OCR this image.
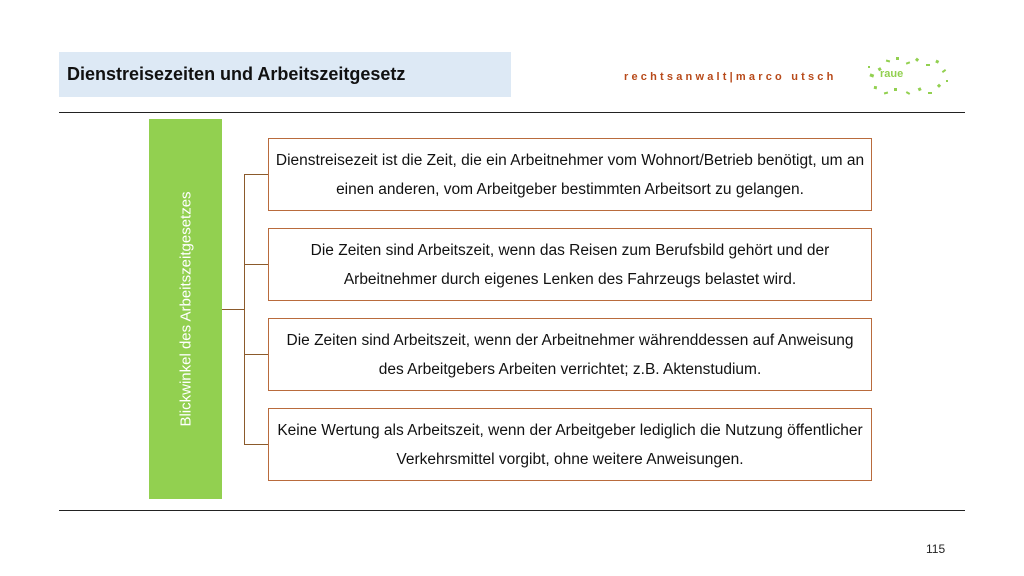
Dienstreisezeiten und Arbeitszeitgesetz	rechtsanwalt|marco utsch	raue
Blickwinkel des Arbeitszeitgesetzes
Dienstreisezeit ist die Zeit, die ein Arbeitnehmer vom Wohnort/Betrieb benötigt, um an einen anderen, vom Arbeitgeber bestimmten Arbeitsort zu gelangen.
Die Zeiten sind Arbeitszeit, wenn das Reisen zum Berufsbild gehört und der Arbeitnehmer durch eigenes Lenken des Fahrzeugs belastet wird.
Die Zeiten sind Arbeitszeit, wenn der Arbeitnehmer währenddessen auf Anweisung des Arbeitgebers Arbeiten verrichtet; z.B. Aktenstudium.
Keine Wertung als Arbeitszeit, wenn der Arbeitgeber lediglich die Nutzung öffentlicher Verkehrsmittel vorgibt, ohne weitere Anweisungen.
115
